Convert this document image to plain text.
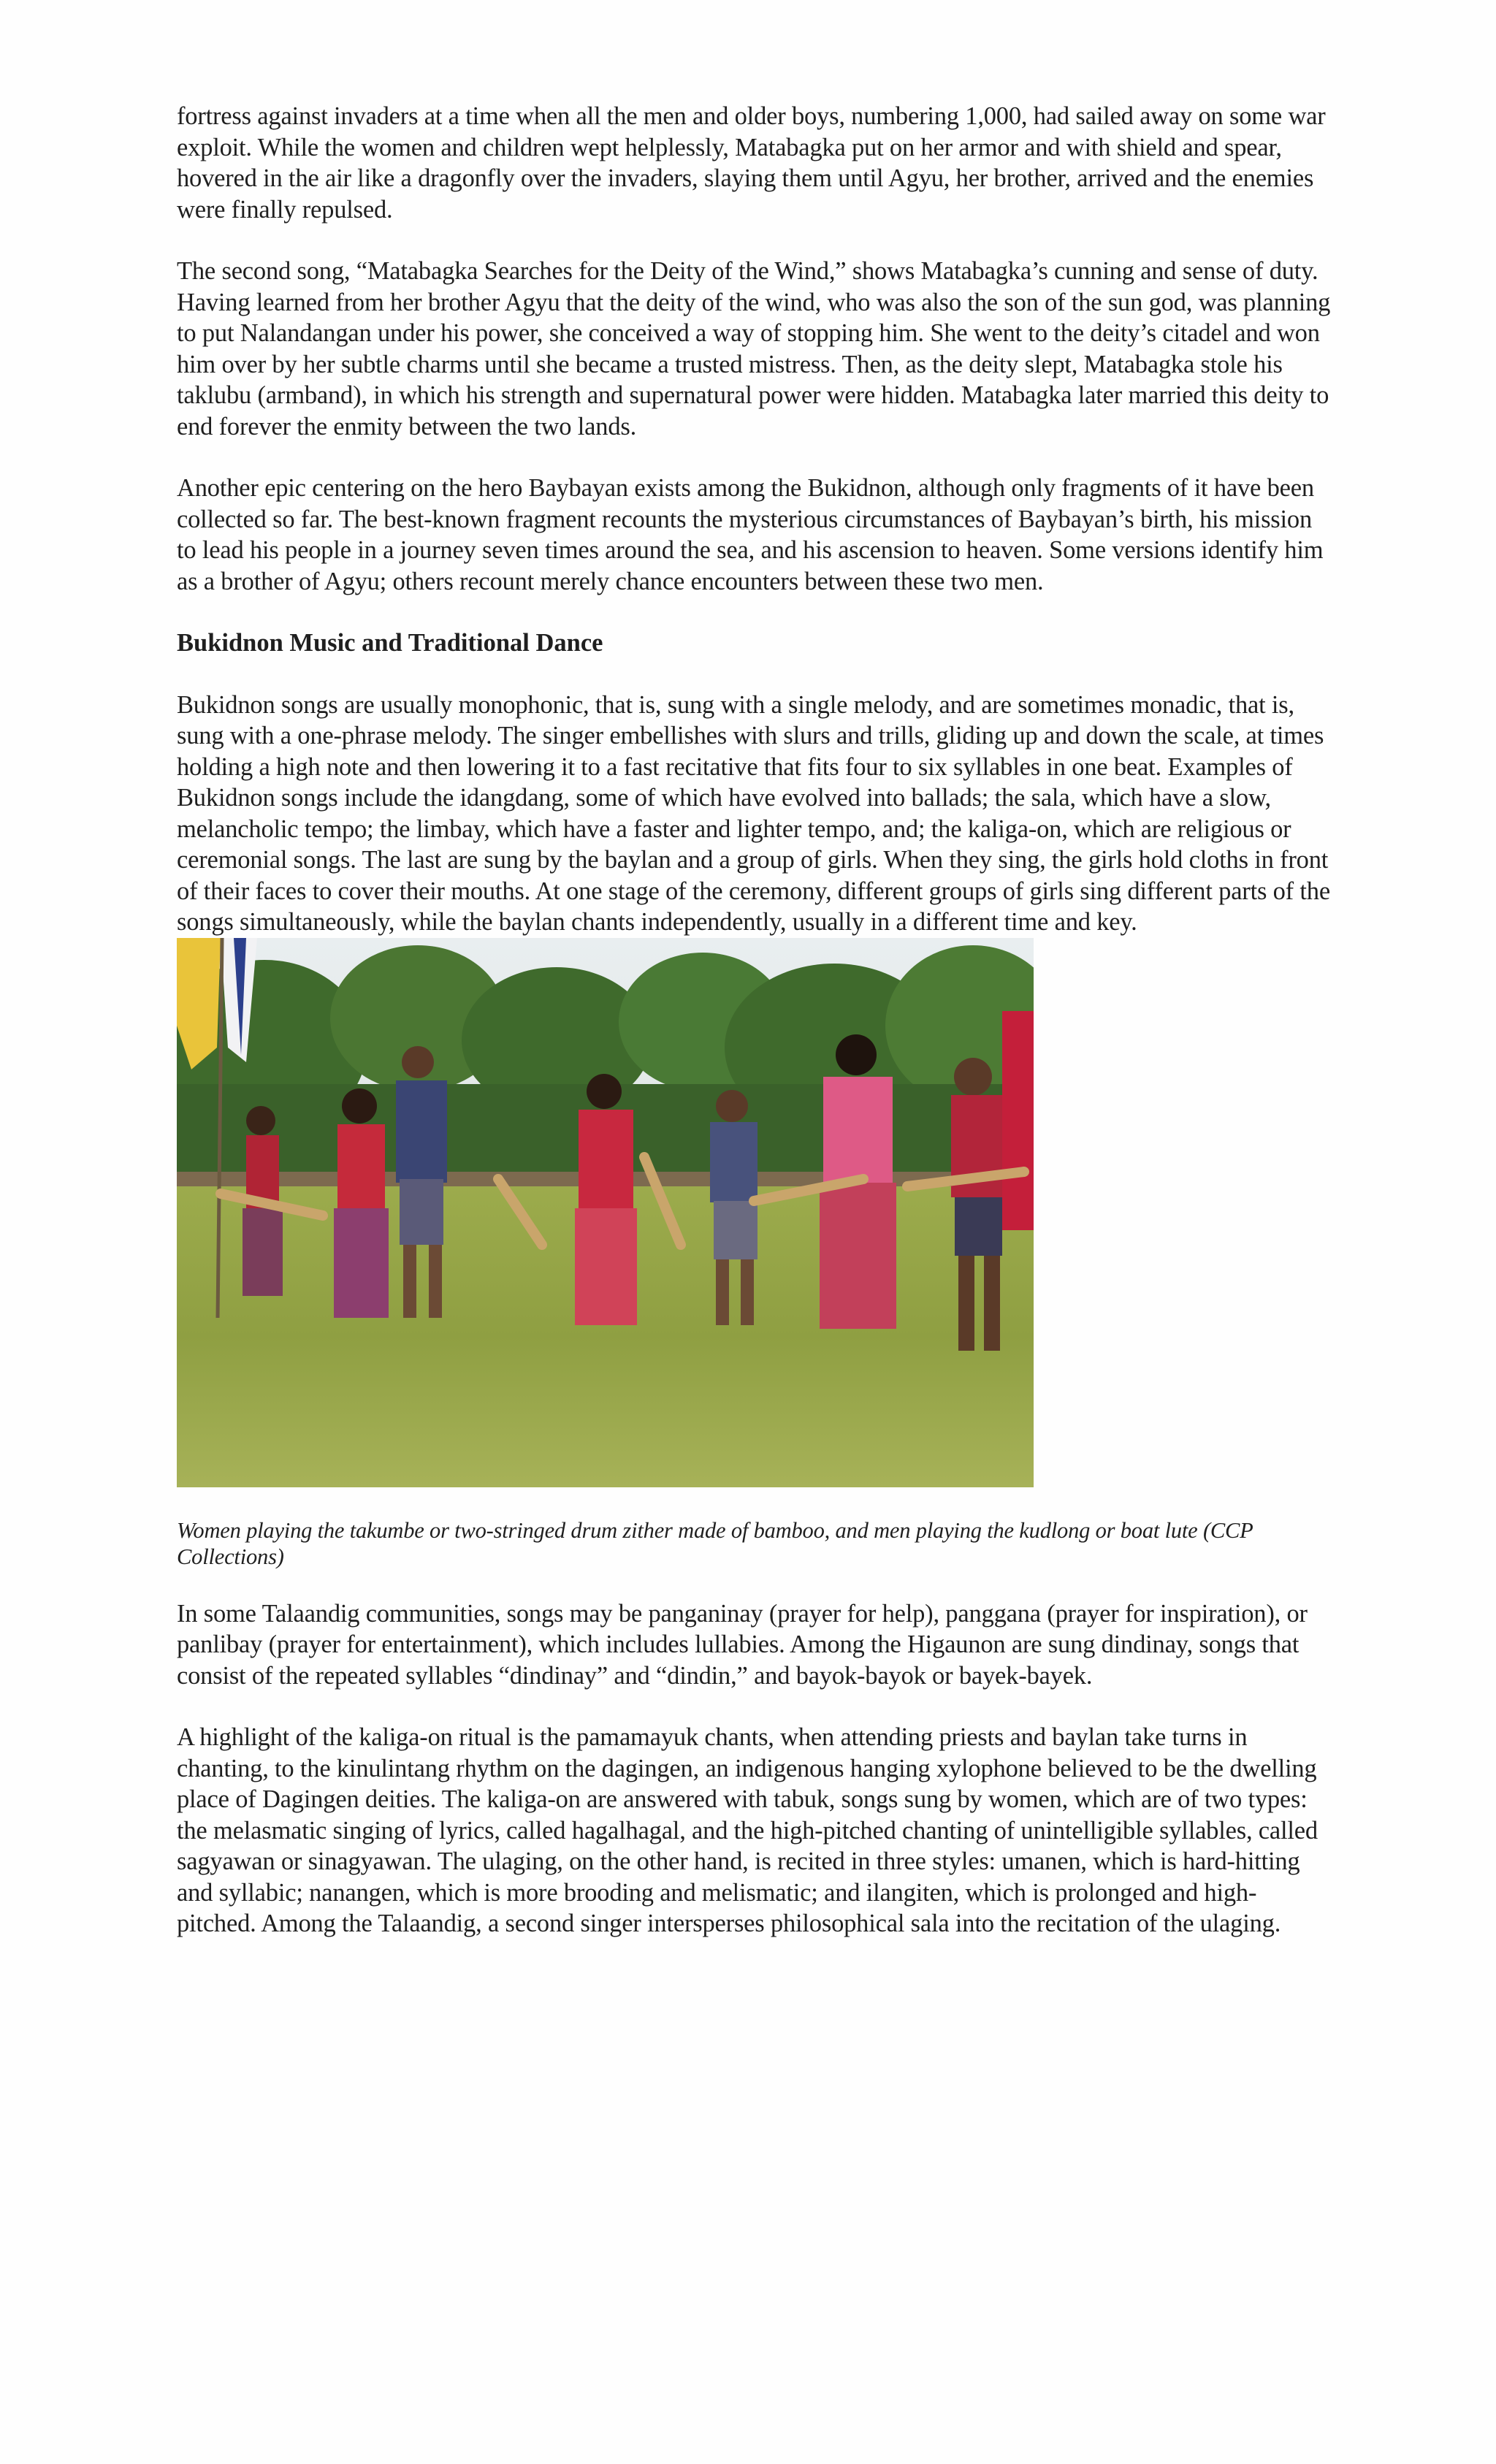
fortress against invaders at a time when all the men and older boys, numbering 1,000, had sailed away on some war exploit. While the women and children wept helplessly, Matabagka put on her armor and with shield and spear, hovered in the air like a dragonfly over the invaders, slaying them until Agyu, her brother, arrived and the enemies were finally repulsed.

The second song, “Matabagka Searches for the Deity of the Wind,” shows Matabagka’s cunning and sense of duty. Having learned from her brother Agyu that the deity of the wind, who was also the son of the sun god, was planning to put Nalandangan under his power, she conceived a way of stopping him. She went to the deity’s citadel and won him over by her subtle charms until she became a trusted mistress. Then, as the deity slept, Matabagka stole his taklubu (armband), in which his strength and supernatural power were hidden. Matabagka later married this deity to end forever the enmity between the two lands.

Another epic centering on the hero Baybayan exists among the Bukidnon, although only fragments of it have been collected so far. The best-known fragment recounts the mysterious circumstances of Baybayan’s birth, his mission to lead his people in a journey seven times around the sea, and his ascension to heaven. Some versions identify him as a brother of Agyu; others recount merely chance encounters between these two men.

Bukidnon Music and Traditional Dance

Bukidnon songs are usually monophonic, that is, sung with a single melody, and are sometimes monadic, that is, sung with a one-phrase melody. The singer embellishes with slurs and trills, gliding up and down the scale, at times holding a high note and then lowering it to a fast recitative that fits four to six syllables in one beat. Examples of Bukidnon songs include the idangdang, some of which have evolved into ballads; the sala, which have a slow, melancholic tempo; the limbay, which have a faster and lighter tempo, and; the kaliga-on, which are religious or ceremonial songs. The last are sung by the baylan and a group of girls. When they sing, the girls hold cloths in front of their faces to cover their mouths. At one stage of the ceremony, different groups of girls sing different parts of the songs simultaneously, while the baylan chants independently, usually in a different time and key.

Women playing the takumbe or two-stringed drum zither made of bamboo, and men playing the kudlong or boat lute (CCP Collections)

In some Talaandig communities, songs may be panganinay (prayer for help), panggana (prayer for inspiration), or panlibay (prayer for entertainment), which includes lullabies. Among the Higaunon are sung dindinay, songs that consist of the repeated syllables “dindinay” and “dindin,” and bayok-bayok or bayek-bayek.

A highlight of the kaliga-on ritual is the pamamayuk chants, when attending priests and baylan take turns in chanting, to the kinulintang rhythm on the dagingen, an indigenous hanging xylophone believed to be the dwelling place of Dagingen deities. The kaliga-on are answered with tabuk, songs sung by women, which are of two types: the melasmatic singing of lyrics, called hagalhagal, and the high-pitched chanting of unintelligible syllables, called sagyawan or sinagyawan. The ulaging, on the other hand, is recited in three styles: umanen, which is hard-hitting and syllabic; nanangen, which is more brooding and melismatic; and ilangiten, which is prolonged and high-pitched. Among the Talaandig, a second singer intersperses philosophical sala into the recitation of the ulaging.
